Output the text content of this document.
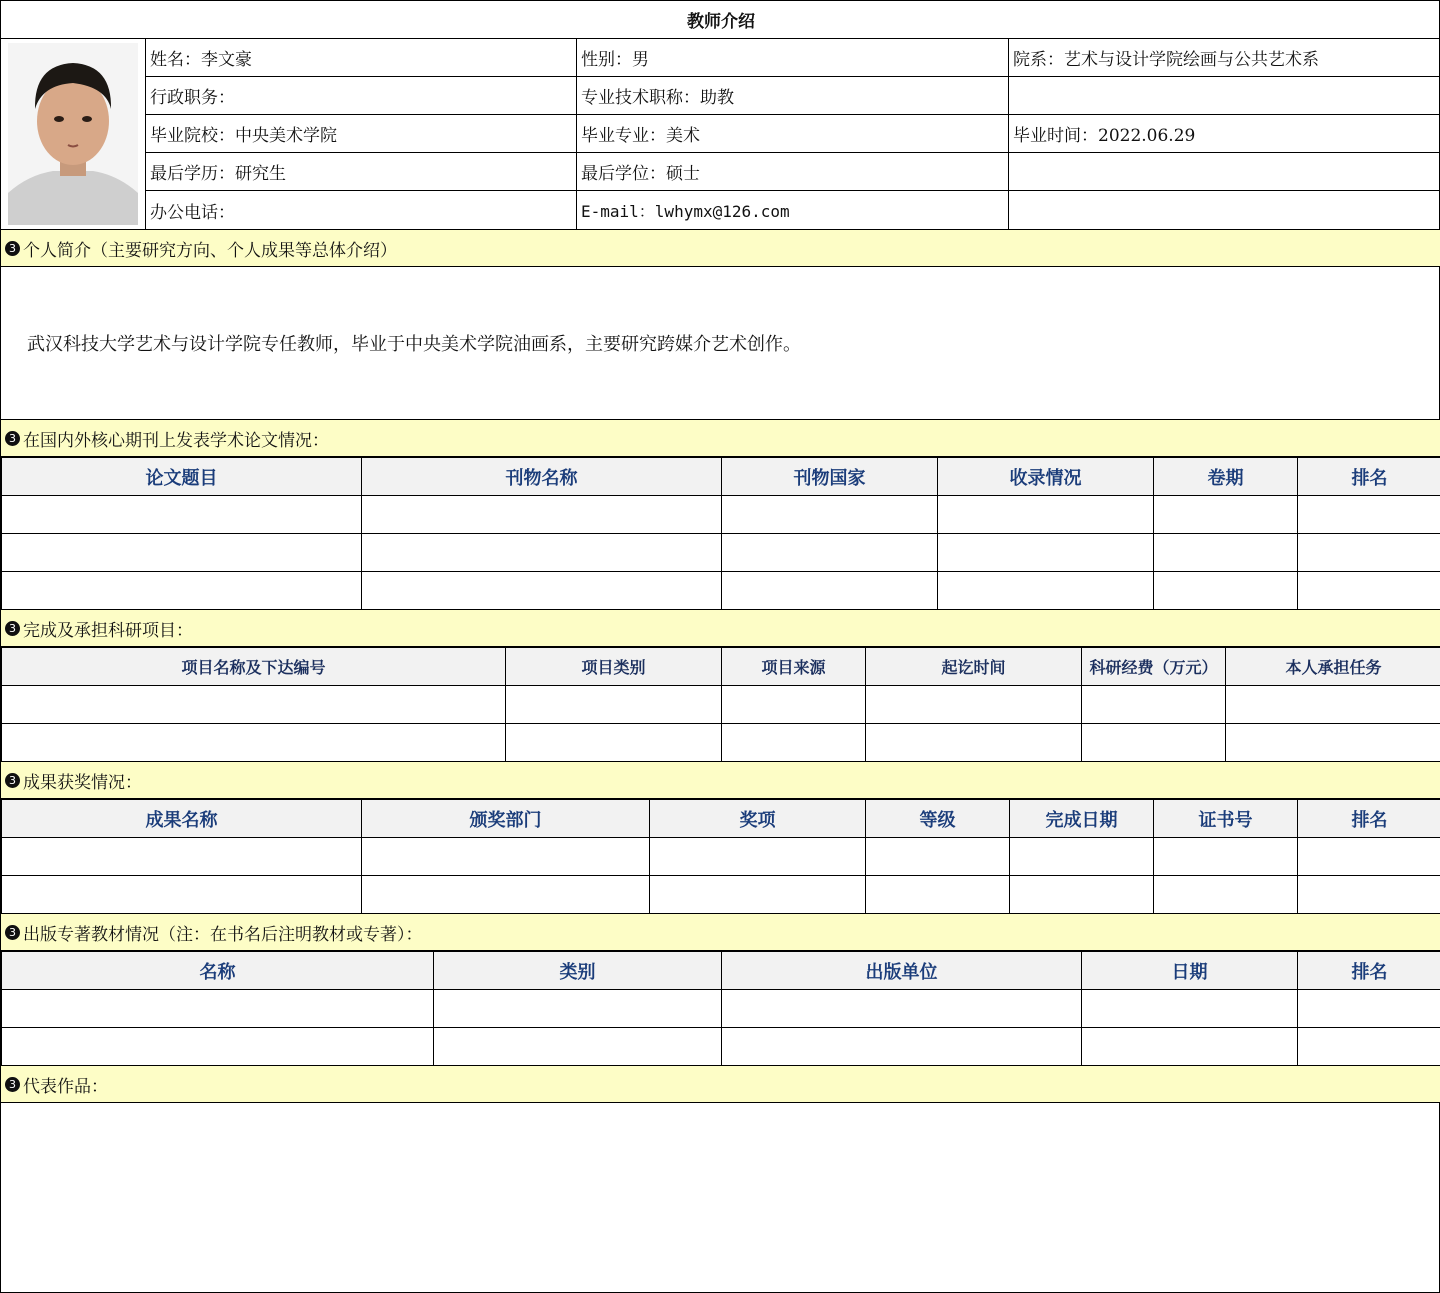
教师介绍
姓名：李文豪	性别：男	院系：艺术与设计学院绘画与公共艺术系
行政职务：	专业技术职称：助教
毕业院校：中央美术学院	毕业专业：美术	毕业时间：2022.06.29
最后学历：研究生	最后学位：硕士
办公电话：	E-mail：lwhymx@126.com
3 个人简介（主要研究方向、个人成果等总体介绍）
武汉科技大学艺术与设计学院专任教师，毕业于中央美术学院油画系，主要研究跨媒介艺术创作。
3 在国内外核心期刊上发表学术论文情况：
论文题目	刊物名称	刊物国家	收录情况	卷期	排名

3 完成及承担科研项目：
项目名称及下达编号	项目类别	项目来源	起讫时间	科研经费（万元）	本人承担任务

3 成果获奖情况：
成果名称	颁奖部门	奖项	等级	完成日期	证书号	排名

3 出版专著教材情况（注：在书名后注明教材或专著）：
名称	类别	出版单位	日期	排名

3 代表作品：
